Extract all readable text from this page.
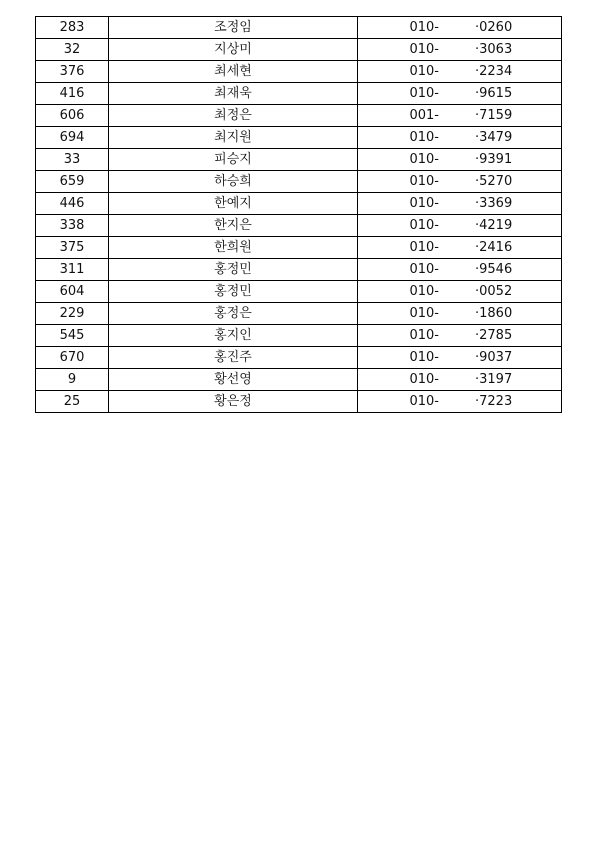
283	조정임	010-		·0260
32	지상미	010-		·3063
376	최세현	010-		·2234
416	최재욱	010-		·9615
606	최정은	001-		·7159
694	최지원	010-		·3479
33	피승지	010-		·9391
659	하승희	010-		·5270
446	한예지	010-		·3369
338	한지은	010-		·4219
375	한희원	010-		·2416
311	홍정민	010-		·9546
604	홍정민	010-		·0052
229	홍정은	010-		·1860
545	홍지인	010-		·2785
670	홍진주	010-		·9037
9	황선영	010-		·3197
25	황은정	010-		·7223
